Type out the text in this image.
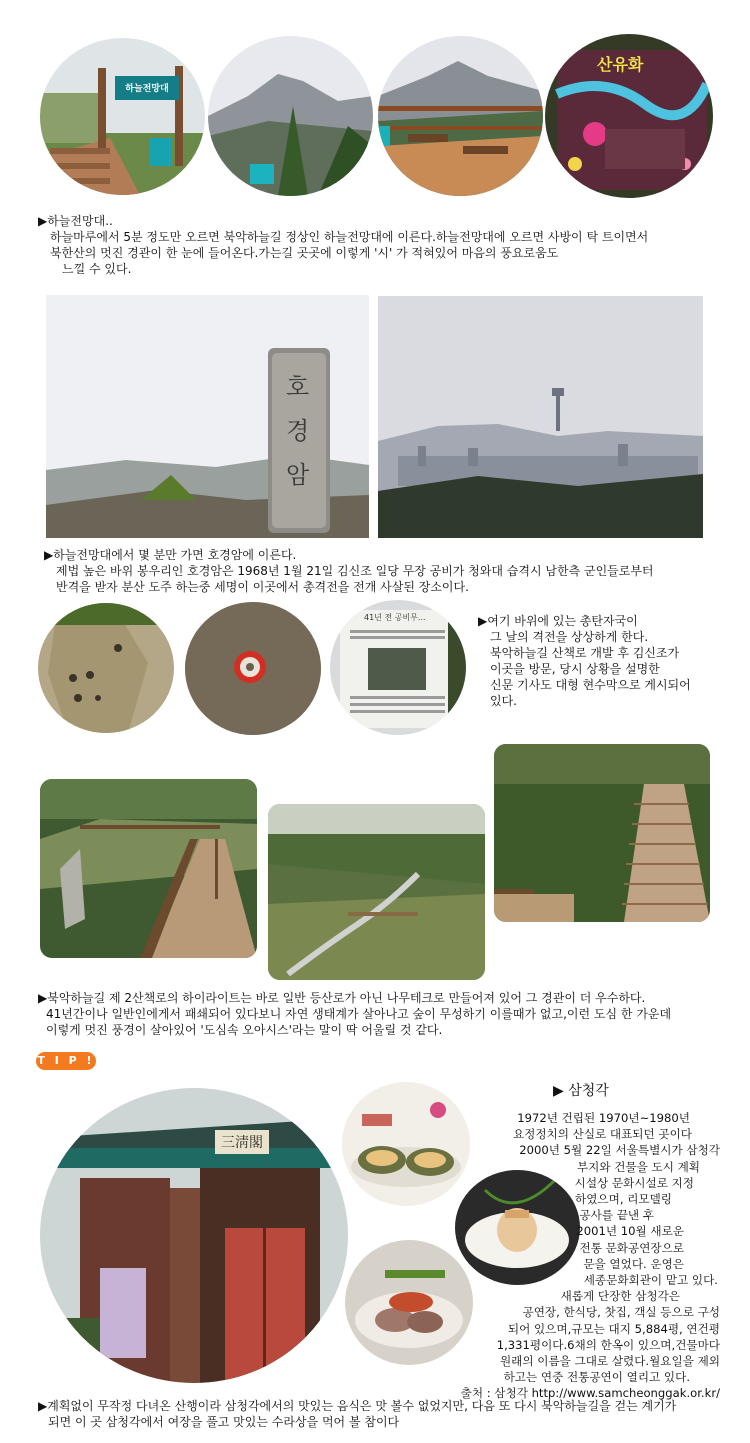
하늘전망대
산유화

▶하늘전망대..

하늘마루에서 5분 정도만 오르면 북악하늘길 정상인 하늘전망대에 이른다.하늘전망대에 오르면 사방이 탁 트이면서

북한산의 멋진 경관이 한 눈에 들어온다.가는길 곳곳에 이렇게 '시' 가 적혀있어 마음의 풍요로움도

느낄 수 있다.

호경암

▶하늘전망대에서 몇 분만 가면 호경암에 이른다.

제법 높은 바위 봉우리인 호경암은 1968년 1월 21일 김신조 일당 무장 공비가 청와대 습격시 남한측 군인들로부터

반격을 받자 분산 도주 하는중 세명이 이곳에서 총격전을 전개 사살된 장소이다.

41년 전 공비무...	▶여기 바위에 있는 총탄자국이

그 날의 격전을 상상하게 한다.

북악하늘길 산책로 개발 후 김신조가

이곳을 방문, 당시 상황을 설명한

신문 기사도 대형 현수막으로 게시되어

있다.

▶북악하늘길 제 2산책로의 하이라이트는 바로 일반 등산로가 아닌 나무테크로 만들어져 있어 그 경관이 더 우수하다.

41년간이나 일반인에게서 패쇄되어 있다보니 자연 생태계가 살아나고 숲이 무성하기 이를때가 없고,이런 도심 한 가운데

이렇게 멋진 풍경이 살아있어 '도심속 오아시스'라는 말이 딱 어울릴 것 같다.

T I P !
三淸閣
▶ 삼청각

1972년 건립된 1970년~1980년

요정정치의 산실로 대표되던 곳이다

2000년 5월 22일 서울특별시가 삼청각

부지와 건물을 도시 계획

시설상 문화시설로 지정

하였으며, 리모델링

공사를 끝낸 후

2001년 10월 새로운

전통 문화공연장으로

문을 열었다. 운영은

세종문화회관이 맡고 있다.

새롭게 단장한 삼청각은

공연장, 한식당, 찻집, 객실 등으로 구성

되어 있으며,규모는 대지 5,884평, 연건평

1,331평이다.6채의 한옥이 있으며,건물마다

원래의 이름을 그대로 살렸다.월요일을 제외

하고는 연중 전통공연이 열리고 있다.

출처 : 삼청각 http://www.samcheonggak.or.kr/

▶계획없이 무작정 다녀온 산행이라 삼청각에서의 맛있는 음식은 맛 볼수 없었지만, 다음 또 다시 북악하늘길을 걷는 계기가

되면 이 곳 삼청각에서 여장을 풀고 맛있는 수라상을 먹어 볼 참이다
